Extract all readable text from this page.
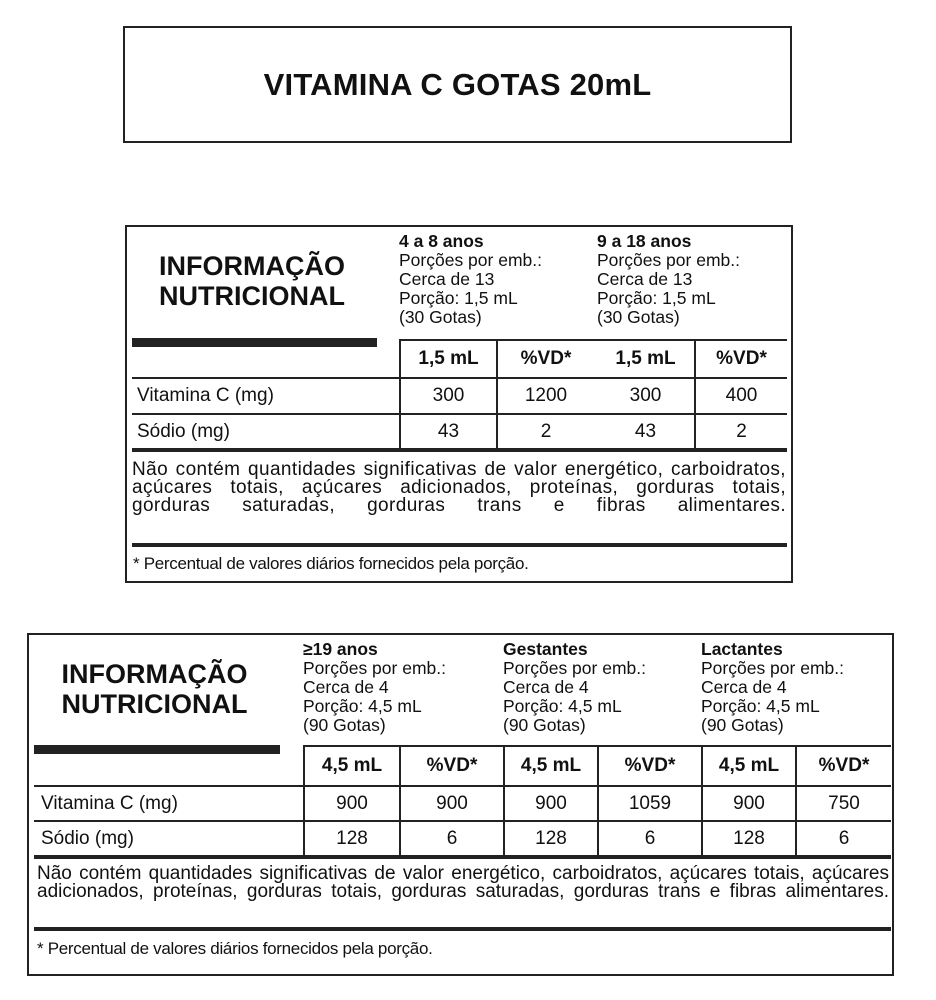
VITAMINA C GOTAS 20mL
INFORMAÇÃO
NUTRICIONAL
4 a 8 anos
Porções por emb.:
Cerca de 13
Porção: 1,5 mL
(30 Gotas)
9 a 18 anos
Porções por emb.:
Cerca de 13
Porção: 1,5 mL
(30 Gotas)
1,5 mL	%VD*	1,5 mL	%VD*
Vitamina C (mg)	300	1200	300	400
Sódio (mg)	43	2	43	2
Não contém quantidades significativas de valor energético, carboidratos, açúcares totais, açúcares adicionados, proteínas, gorduras totais, gorduras saturadas, gorduras trans e fibras alimentares.
* Percentual de valores diários fornecidos pela porção.
INFORMAÇÃO
NUTRICIONAL
≥19 anos
Porções por emb.:
Cerca de 4
Porção: 4,5 mL
(90 Gotas)
Gestantes
Porções por emb.:
Cerca de 4
Porção: 4,5 mL
(90 Gotas)
Lactantes
Porções por emb.:
Cerca de 4
Porção: 4,5 mL
(90 Gotas)
4,5 mL	%VD*	4,5 mL	%VD*	4,5 mL	%VD*
Vitamina C (mg)	900	900	900	1059	900	750
Sódio (mg)	128	6	128	6	128	6
Não contém quantidades significativas de valor energético, carboidratos, açúcares totais, açúcares adicionados, proteínas, gorduras totais, gorduras saturadas, gorduras trans e fibras alimentares.
* Percentual de valores diários fornecidos pela porção.
